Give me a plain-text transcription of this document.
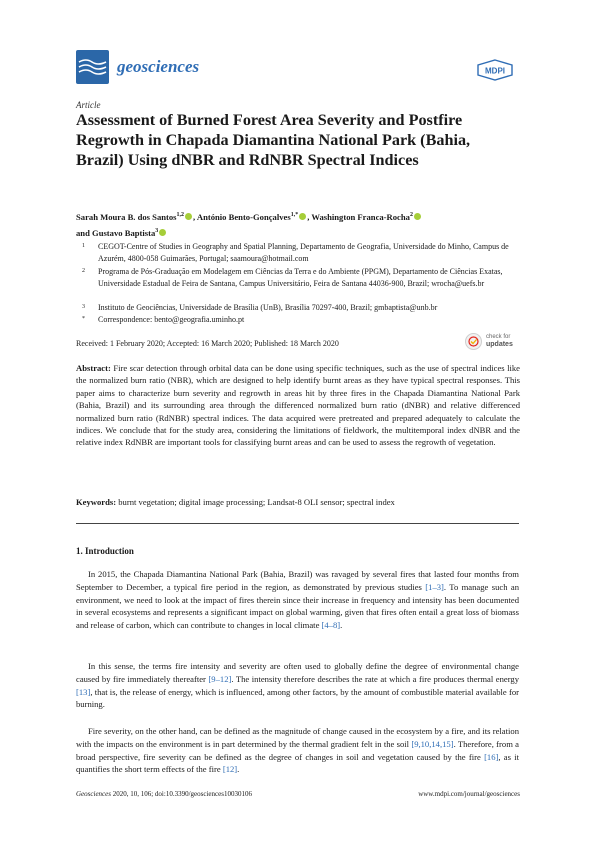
geosciences	MDPI
Article
Assessment of Burned Forest Area Severity and Postfire Regrowth in Chapada Diamantina National Park (Bahia, Brazil) Using dNBR and RdNBR Spectral Indices
Sarah Moura B. dos Santos$^{1,2}$ , António Bento-Gonçalves$^{1,*}$ , Washington Franca-Rocha$^2$
and Gustavo Baptista$^3$
1 CEGOT-Centre of Studies in Geography and Spatial Planning, Departamento de Geografia, Universidade do Minho, Campus de Azurém, 4800-058 Guimarães, Portugal; saamoura@hotmail.com
2 Programa de Pós-Graduação em Modelagem em Ciências da Terra e do Ambiente (PPGM), Departamento de Ciências Exatas, Universidade Estadual de Feira de Santana, Campus Universitário, Feira de Santana 44036-900, Brazil; wrocha@uefs.br
3 Instituto de Geociências, Universidade de Brasília (UnB), Brasília 70297-400, Brazil; gmbaptista@unb.br
* Correspondence: bento@geografia.uminho.pt
Received: 1 February 2020; Accepted: 16 March 2020; Published: 18 March 2020
check for
updates
Abstract: Fire scar detection through orbital data can be done using specific techniques, such as the use of spectral indices like the normalized burn ratio (NBR), which are designed to help identify burnt areas as they have typical spectral responses. This paper aims to characterize burn severity and regrowth in areas hit by three fires in the Chapada Diamantina National Park (Bahia, Brazil) and its surrounding area through the differenced normalized burn ratio (dNBR) and relative differenced normalized burn ratio (RdNBR) spectral indices. The data acquired were pretreated and prepared adequately to calculate the indices. We conclude that for the study area, considering the limitations of fieldwork, the multitemporal index dNBR and the relative index RdNBR are important tools for classifying burnt areas and can be used to assess the regrowth of vegetation.
Keywords: burnt vegetation; digital image processing; Landsat-8 OLI sensor; spectral index
1. Introduction
In 2015, the Chapada Diamantina National Park (Bahia, Brazil) was ravaged by several fires that lasted four months from September to December, a typical fire period in the region, as demonstrated by previous studies [1–3]. To manage such an environment, we need to look at the impact of fires therein since their increase in frequency and intensity has been documented in several ecosystems and represents a significant impact on global warming, given that fires often entail a great loss of biomass and release of carbon, which can contribute to changes in local climate [4–8].
In this sense, the terms fire intensity and severity are often used to globally define the degree of environmental change caused by fire immediately thereafter [9–12]. The intensity therefore describes the rate at which a fire produces thermal energy [13], that is, the release of energy, which is influenced, among other factors, by the amount of combustible material available for burning.
Fire severity, on the other hand, can be defined as the magnitude of change caused in the ecosystem by a fire, and its relation with the impacts on the environment is in part determined by the thermal gradient felt in the soil [9,10,14,15]. Therefore, from a broad perspective, fire severity can be defined as the degree of changes in soil and vegetation caused by the fire [16], as it quantifies the short term effects of the fire [12].
Geosciences 2020, 10, 106; doi:10.3390/geosciences10030106	www.mdpi.com/journal/geosciences
